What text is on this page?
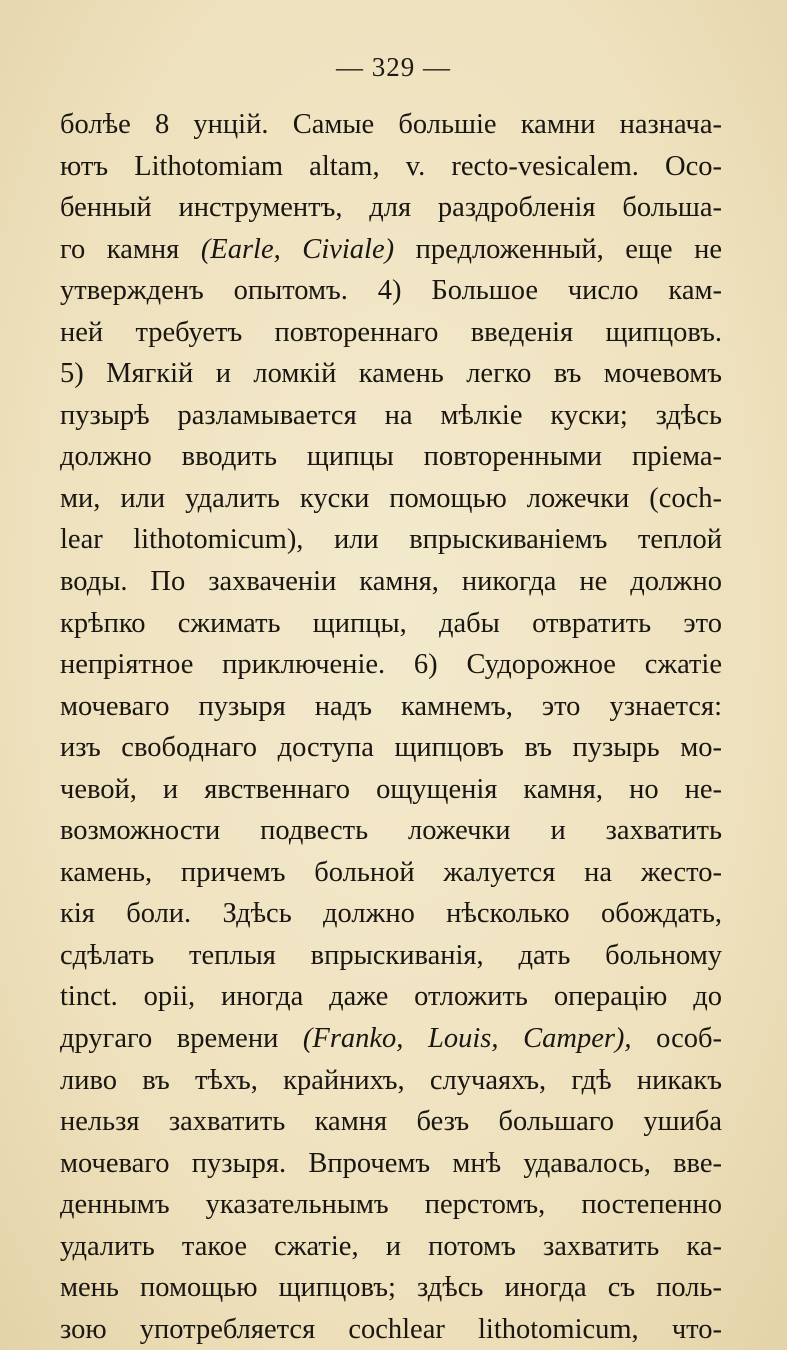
— 329 —
болѣе 8 унцій. Самые большіе камни назнача-
ютъ Lithotomiam altam, v. recto-vesicalem. Осо-
бенный инструментъ, для раздробленія больша-
го камня (Earle, Civiale) предложенный, еще не
утвержденъ опытомъ. 4) Большое число кам-
ней требуетъ повтореннаго введенія щипцовъ.
5) Мягкій и ломкій камень легко въ мочевомъ
пузырѣ разламывается на мѣлкіе куски; здѣсь
должно вводить щипцы повторенными пріема-
ми, или удалить куски помощью ложечки (coch-
lear lithotomicum), или впрыскиваніемъ теплой
воды. По захваченіи камня, никогда не должно
крѣпко сжимать щипцы, дабы отвратить это
непріятное приключеніе. 6) Судорожное сжатіе
мочеваго пузыря надъ камнемъ, это узнается:
изъ свободнаго доступа щипцовъ въ пузырь мо-
чевой, и явственнаго ощущенія камня, но не-
возможности подвесть ложечки и захватить
камень, причемъ больной жалуется на жесто-
кія боли. Здѣсь должно нѣсколько обождать,
сдѣлать теплыя впрыскиванія, дать больному
tinct. opii, иногда даже отложить операцію до
другаго времени (Franko, Louis, Camper), особ-
ливо въ тѣхъ, крайнихъ, случаяхъ, гдѣ никакъ
нельзя захватить камня безъ большаго ушиба
мочеваго пузыря. Впрочемъ мнѣ удавалось, вве-
деннымъ указательнымъ перстомъ, постепенно
удалить такое сжатіе, и потомъ захватить ка-
мень помощью щипцовъ; здѣсь иногда съ поль-
зою употребляется cochlear lithotomicum, что-
